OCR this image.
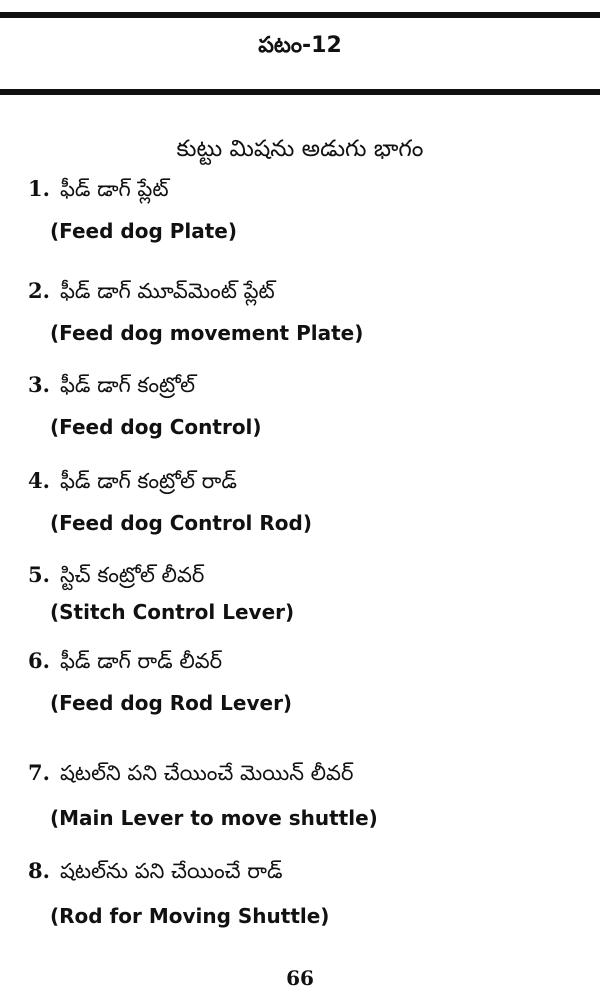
పటం-12
కుట్టు మిషను అడుగు భాగం
1. ఫీడ్ డాగ్ ప్లేట్
(Feed dog Plate)
2. ఫీడ్ డాగ్ మూవ్‌మెంట్ ప్లేట్
(Feed dog movement Plate)
3. ఫీడ్ డాగ్ కంట్రోల్
(Feed dog Control)
4. ఫీడ్ డాగ్ కంట్రోల్ రాడ్
(Feed dog Control Rod)
5. స్టిచ్ కంట్రోల్ లీవర్
(Stitch Control Lever)
6. ఫీడ్ డాగ్ రాడ్ లీవర్
(Feed dog Rod Lever)
7. షటల్‌ని పని చేయించే మెయిన్ లీవర్
(Main Lever to move shuttle)
8. షటల్‌ను పని చేయించే రాడ్
(Rod for Moving Shuttle)
66
